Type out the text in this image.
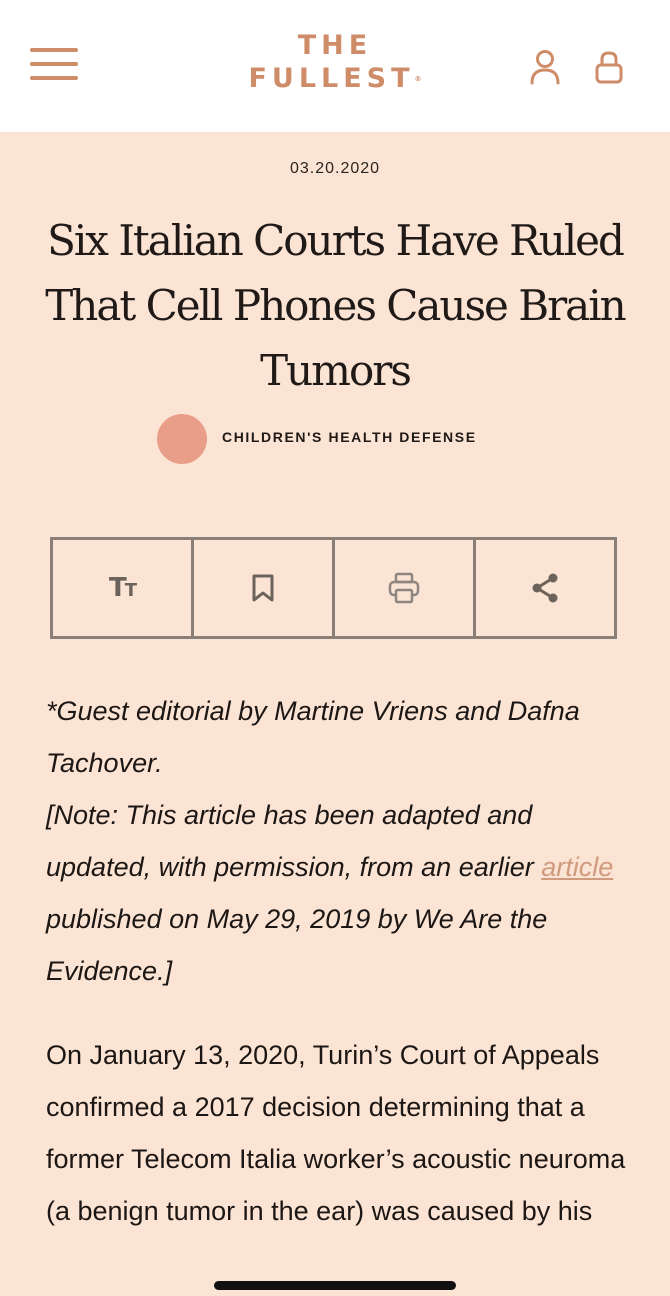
THE
FULLEST®
03.20.2020
Six Italian Courts Have Ruled That Cell Phones Cause Brain Tumors
CHILDREN'S HEALTH DEFENSE
TT

*Guest editorial by Martine Vriens and Dafna Tachover.
[Note: This article has been adapted and updated, with permission, from an earlier article published on May 29, 2019 by We Are the Evidence.]

On January 13, 2020, Turin’s Court of Appeals confirmed a 2017 decision determining that a former Telecom Italia worker’s acoustic neuroma (a benign tumor in the ear) was caused by his
